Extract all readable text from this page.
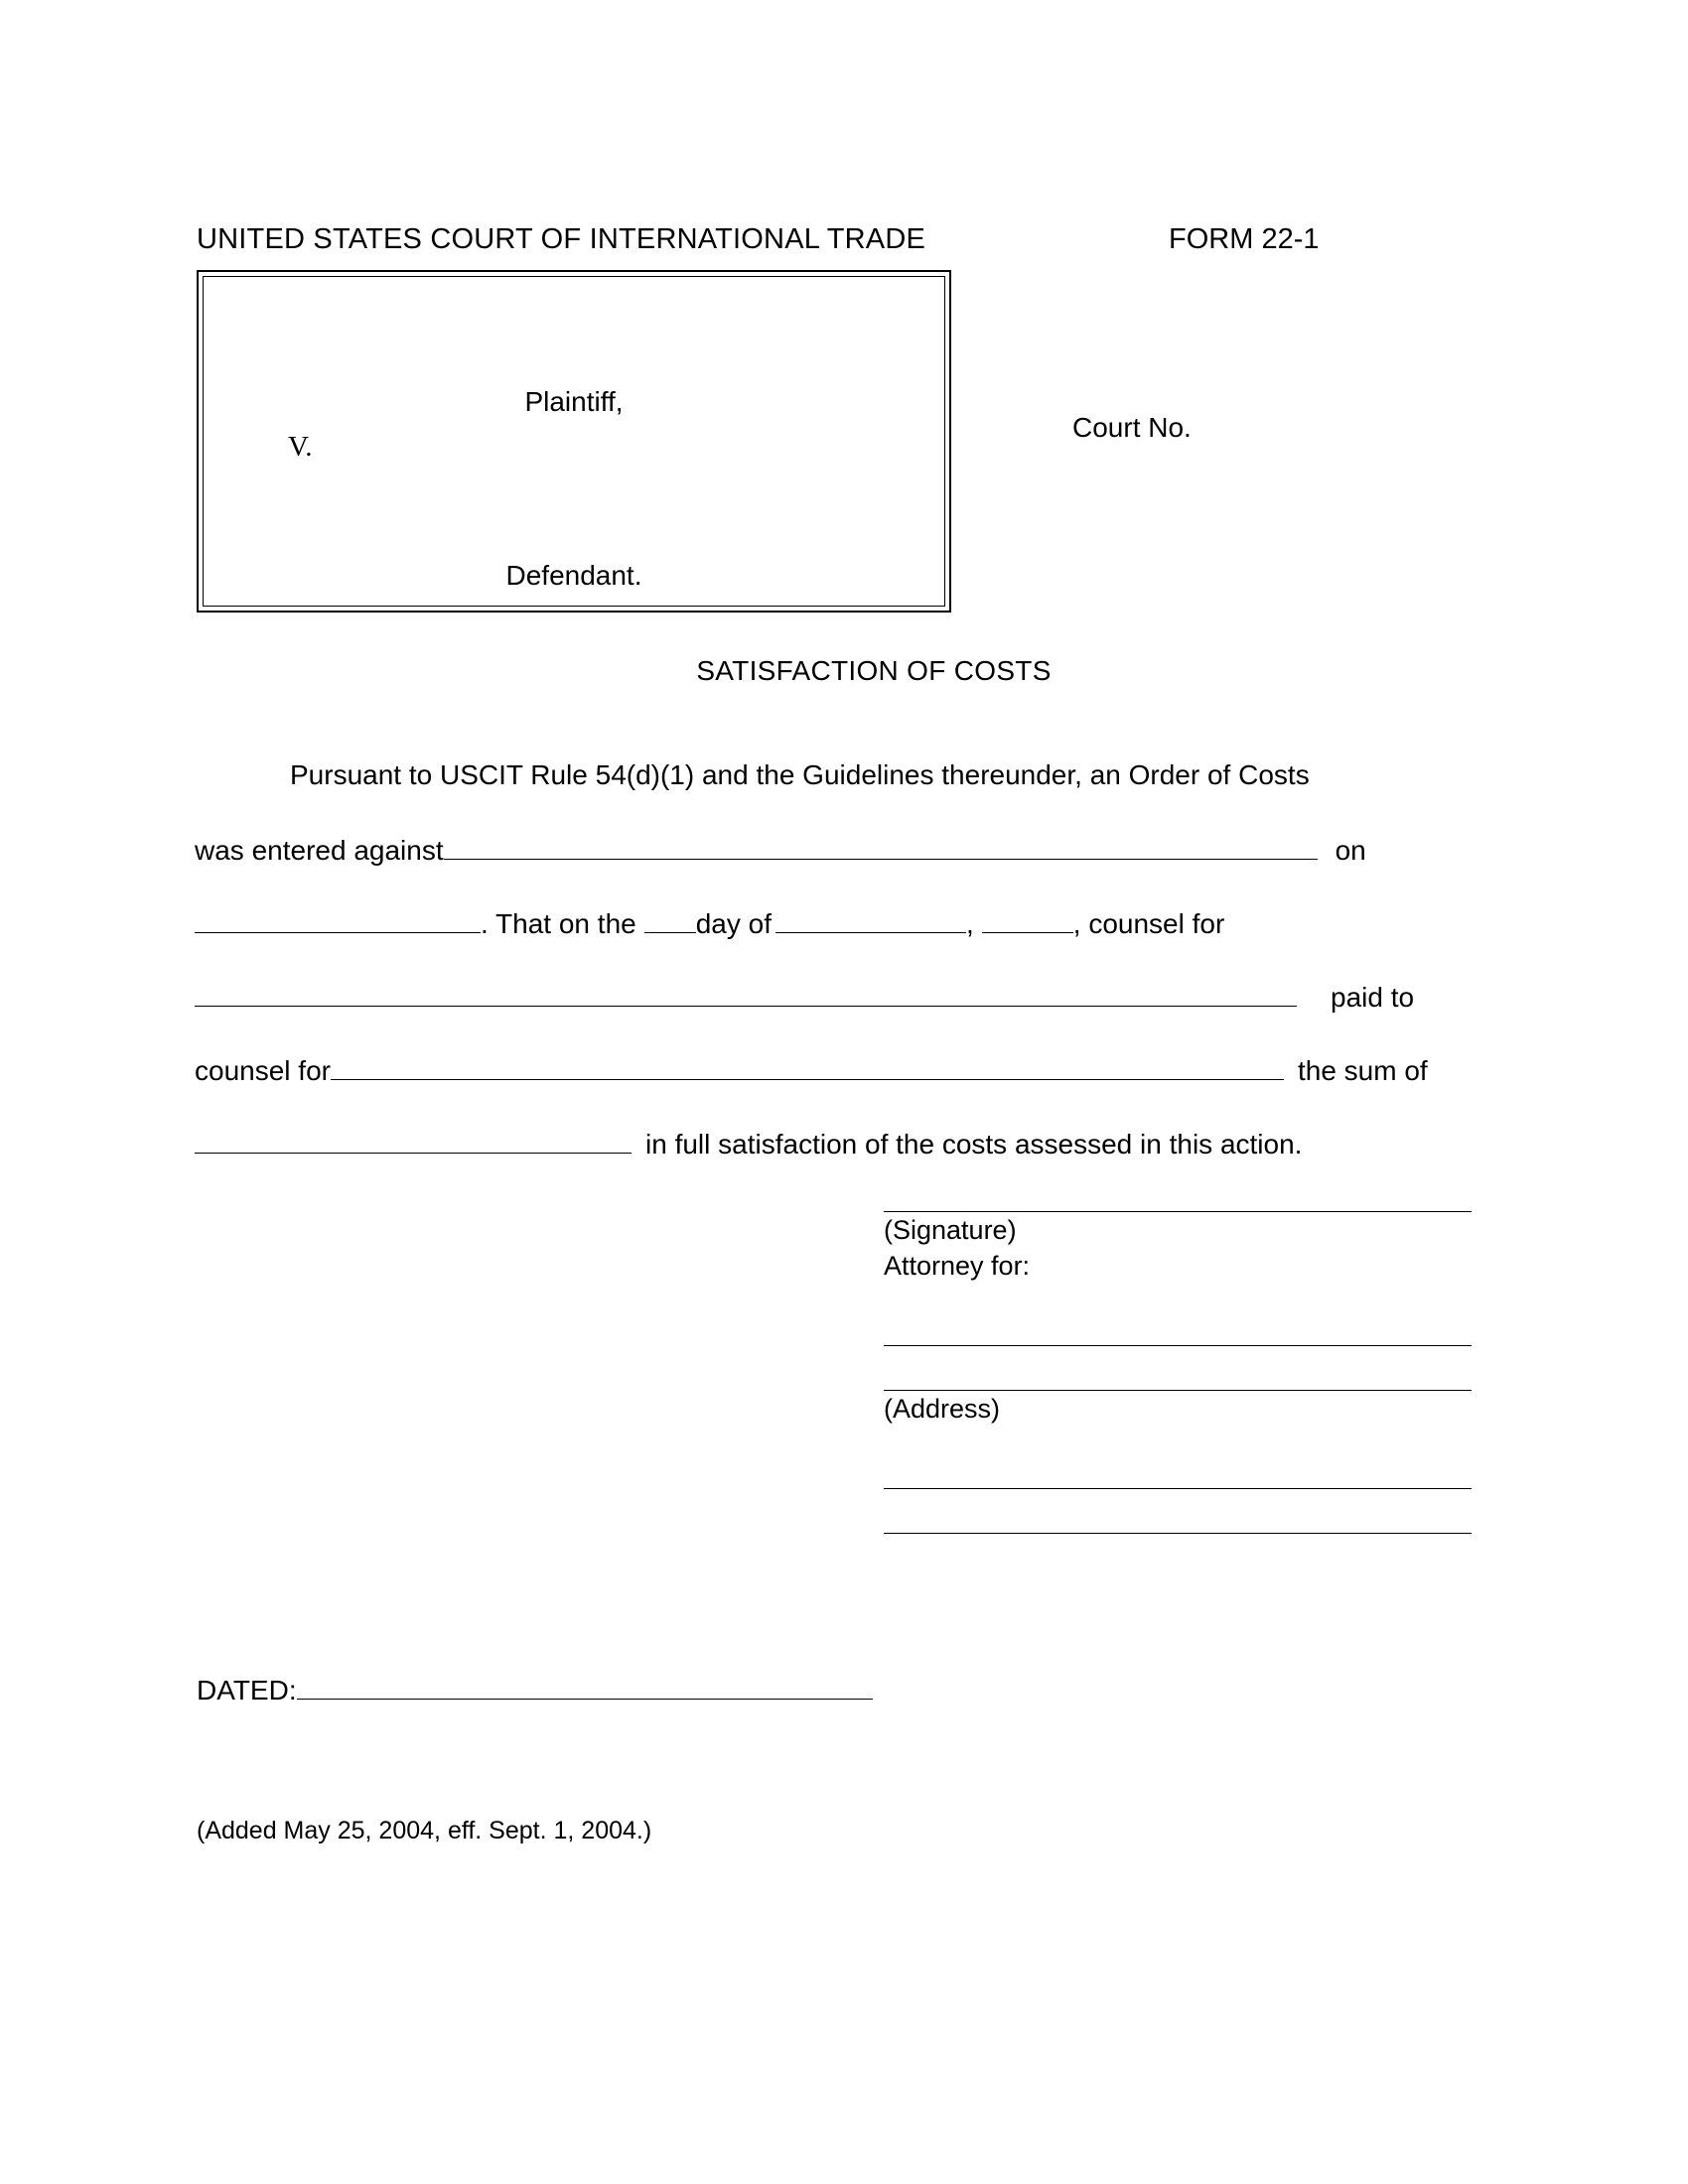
UNITED STATES COURT OF INTERNATIONAL TRADE	FORM 22-1
Plaintiff,
V.
Defendant.
Court No.
SATISFACTION OF COSTS
Pursuant to USCIT Rule 54(d)(1) and the Guidelines thereunder, an Order of Costs
was entered against	on
. That on the day of	,	, counsel for
paid to
counsel for	the sum of
in full satisfaction of the costs assessed in this action.
(Signature)
Attorney for:
(Address)
DATED:
(Added May 25, 2004, eff. Sept. 1, 2004.)
